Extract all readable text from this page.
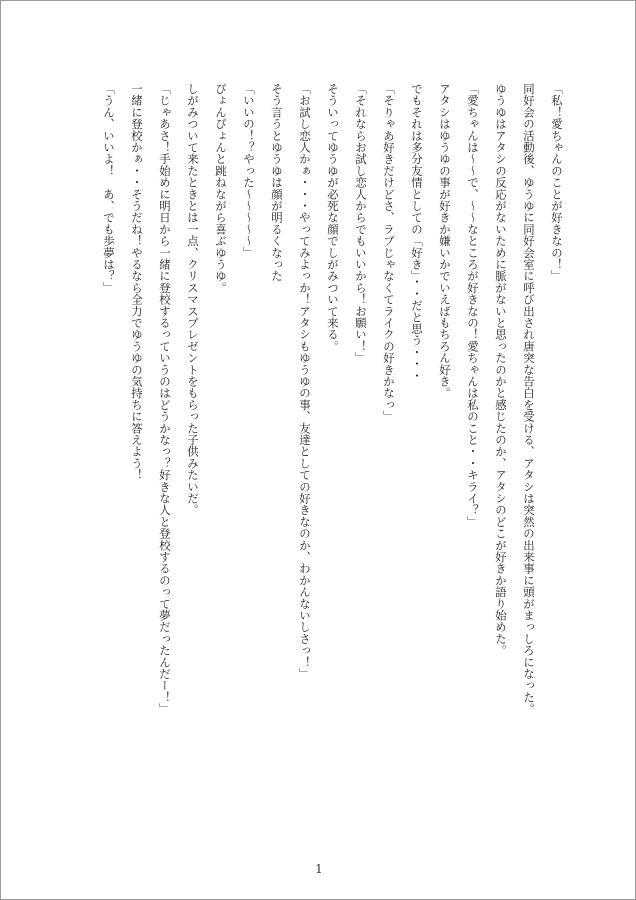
「私！愛ちゃんのことが好きなの！」
同好会の活動後、ゆうゆに同好会室に呼び出され唐突な告白を受ける、アタシは突然の出来事に頭がまっしろになった。
ゆうゆはアタシの反応がないために脈がないと思ったのかと感じたのか、アタシのどこが好きか語り始めた。
「愛ちゃんは〜〜で、〜〜なところが好きなの！愛ちゃんは私のこと・・キライ？」
アタシはゆうゆの事が好きか嫌いかでいえばもちろん好き。
でもそれは多分友情としての「好き」・・だと思う・・・
「そりゃあ好きだけどさ、ラブじゃなくてライクの好きかなっ」
「それならお試し恋人からでもいいから！お願い！」
そういってゆうゆが必死な顔でしがみついて来る。
「お試し恋人かぁ・・・やってみよっか！アタシもゆうゆの事、友達としての好きなのか、わかんないしさっ！」
そう言うとゆうゆは顔が明るくなった
「いいの！？やった〜〜〜〜〜」
ぴょんぴょんと跳ねながら喜ぶゆうゆ。
しがみついて来たときとは一点、クリスマスプレゼントをもらった子供みたいだ。
「じゃあさ！手始めに明日から一緒に登校するっていうのはどうかなっ？好きな人と登校するのって夢だったんだー！」
一緒に登校かぁ・・そうだね！やるなら全力でゆうゆの気持ちに答えよう！
「うん、いいよ！　あ、でも歩夢は？」
1
